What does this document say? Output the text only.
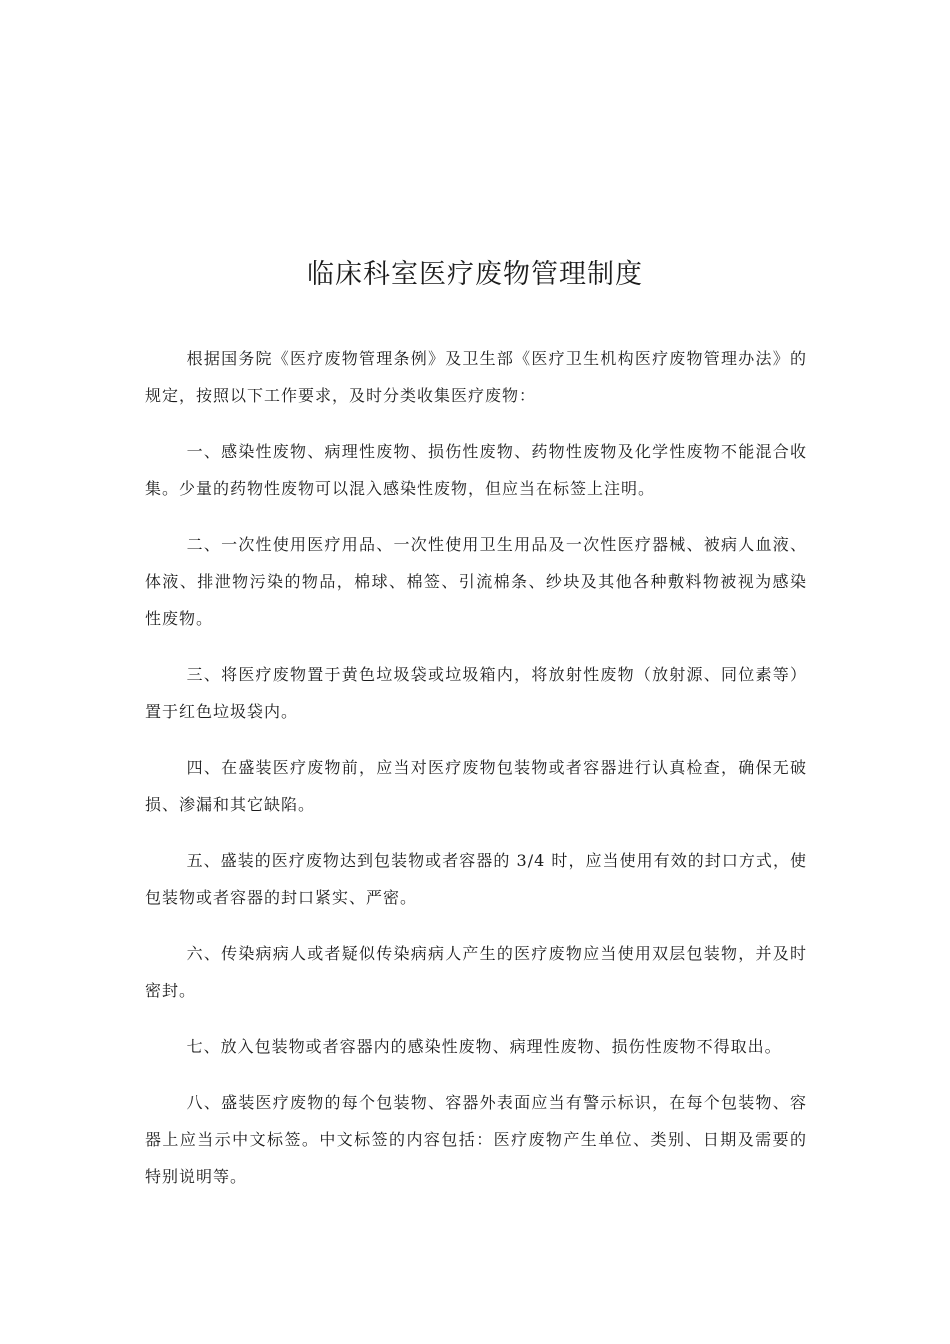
临床科室医疗废物管理制度

根据国务院《医疗废物管理条例》及卫生部《医疗卫生机构医疗废物管理办法》的规定，按照以下工作要求，及时分类收集医疗废物：

一、感染性废物、病理性废物、损伤性废物、药物性废物及化学性废物不能混合收集。少量的药物性废物可以混入感染性废物，但应当在标签上注明。

二、一次性使用医疗用品、一次性使用卫生用品及一次性医疗器械、被病人血液、体液、排泄物污染的物品，棉球、棉签、引流棉条、纱块及其他各种敷料物被视为感染性废物。

三、将医疗废物置于黄色垃圾袋或垃圾箱内，将放射性废物（放射源、同位素等）置于红色垃圾袋内。

四、在盛装医疗废物前，应当对医疗废物包装物或者容器进行认真检查，确保无破损、渗漏和其它缺陷。

五、盛装的医疗废物达到包装物或者容器的 3/4 时，应当使用有效的封口方式，使包装物或者容器的封口紧实、严密。

六、传染病病人或者疑似传染病病人产生的医疗废物应当使用双层包装物，并及时密封。

七、放入包装物或者容器内的感染性废物、病理性废物、损伤性废物不得取出。

八、盛装医疗废物的每个包装物、容器外表面应当有警示标识，在每个包装物、容器上应当示中文标签。中文标签的内容包括：医疗废物产生单位、类别、日期及需要的特别说明等。
